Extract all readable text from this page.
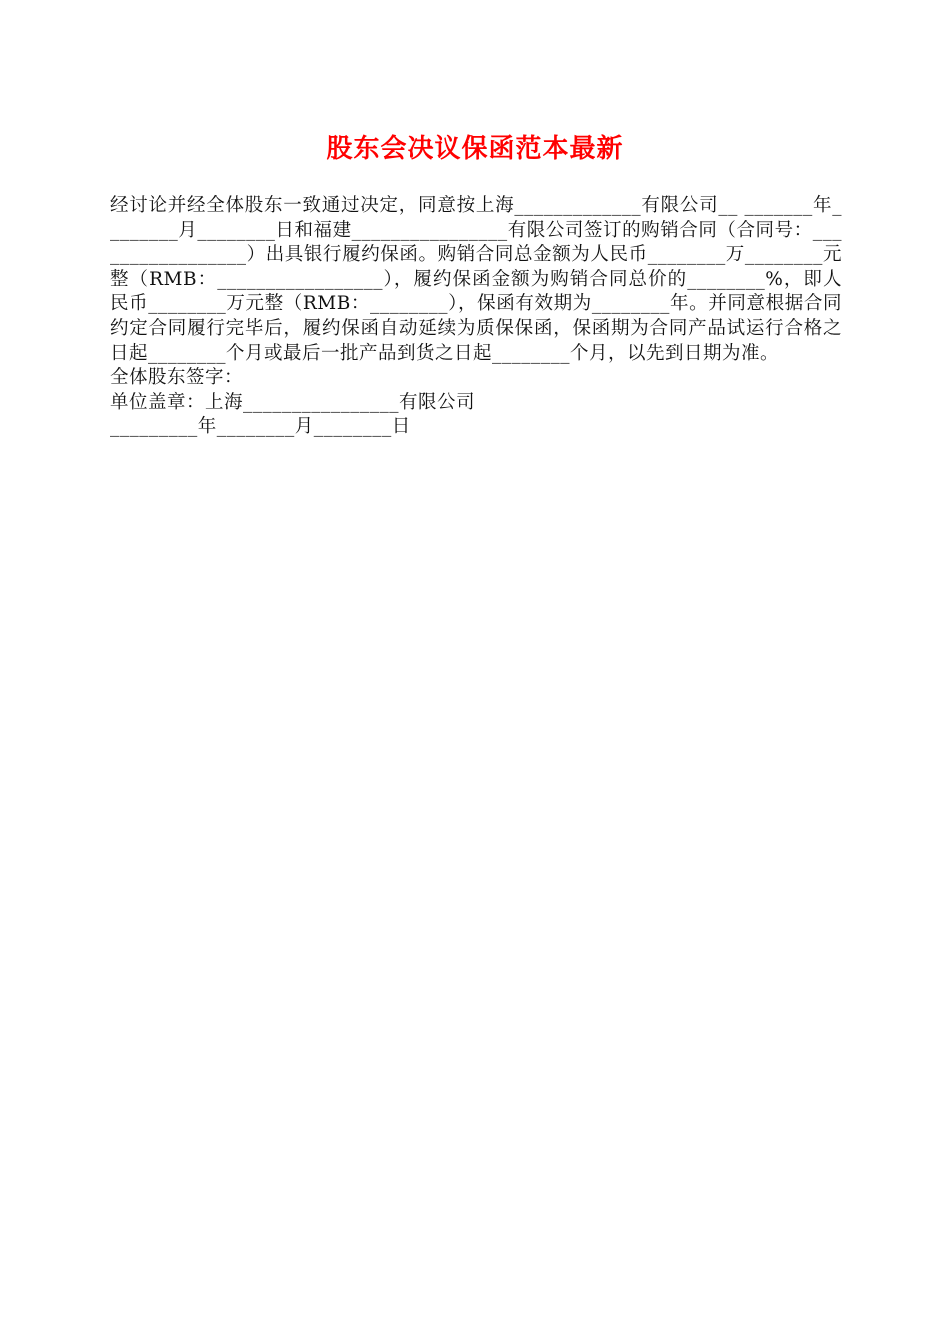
股东会决议保函范本最新

经讨论并经全体股东一致通过决定，同意按上海_____________有限公司__ _______年________月________日和福建________________有限公司签订的购销合同（合同号：_________________）出具银行履约保函。购销合同总金额为人民币________万________元整（RMB：_________________），履约保函金额为购销合同总价的________%，即人民币________万元整（RMB：________），保函有效期为________年。并同意根据合同约定合同履行完毕后，履约保函自动延续为质保保函，保函期为合同产品试运行合格之日起________个月或最后一批产品到货之日起________个月，以先到日期为准。

全体股东签字：

单位盖章：上海________________有限公司

_________年________月________日
